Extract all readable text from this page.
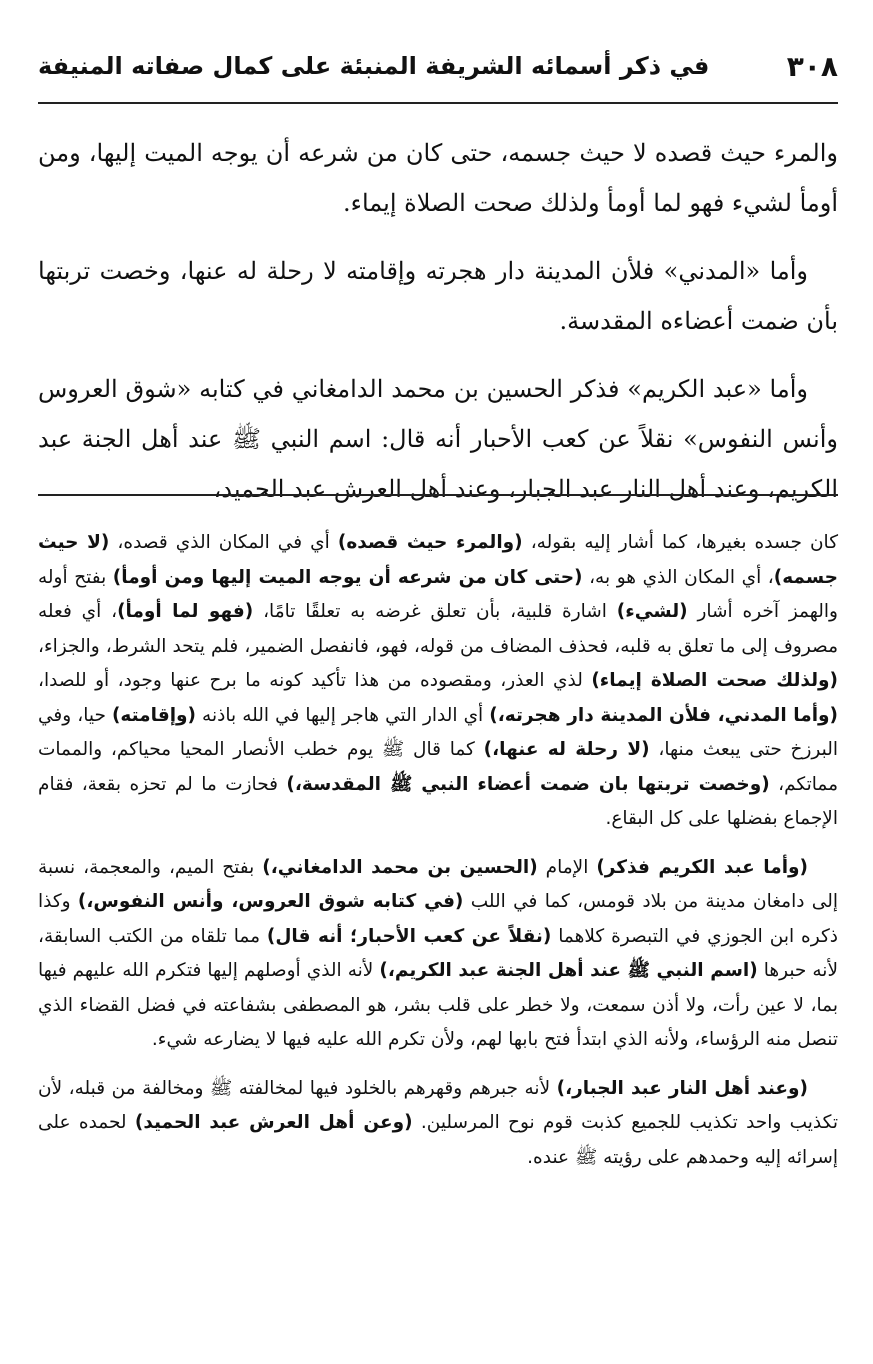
٣٠٨
في ذكر أسمائه الشريفة المنبئة على كمال صفاته المنيفة

والمرء حيث قصده لا حيث جسمه، حتى كان من شرعه أن يوجه الميت إليها، ومن أومأ لشيء فهو لما أومأ ولذلك صحت الصلاة إيماء.

وأما «المدني» فلأن المدينة دار هجرته وإقامته لا رحلة له عنها، وخصت تربتها بأن ضمت أعضاءه المقدسة.

وأما «عبد الكريم» فذكر الحسين بن محمد الدامغاني في كتابه «شوق العروس وأنس النفوس» نقلاً عن كعب الأحبار أنه قال: اسم النبي ﷺ عند أهل الجنة عبد الكريم، وعند أهل النار عبد الجبار، وعند أهل العرش عبد الحميد،

كان جسده بغيرها، كما أشار إليه بقوله، (والمرء حيث قصده) أي في المكان الذي قصده، (لا حيث جسمه)، أي المكان الذي هو به، (حتى كان من شرعه أن يوجه الميت إليها ومن أومأ) بفتح أوله والهمز آخره أشار (لشيء) اشارة قلبية، بأن تعلق غرضه به تعلقًا تامًا، (فهو لما أومأ)، أي فعله مصروف إلى ما تعلق به قلبه، فحذف المضاف من قوله، فهو، فانفصل الضمير، فلم يتحد الشرط، والجزاء، (ولذلك صحت الصلاة إيماء) لذي العذر، ومقصوده من هذا تأكيد كونه ما برح عنها وجود، أو للصدا، (وأما المدني، فلأن المدينة دار هجرته،) أي الدار التي هاجر إليها في الله باذنه (وإقامته) حيا، وفي البرزخ حتى يبعث منها، (لا رحلة له عنها،) كما قال ﷺ يوم خطب الأنصار المحيا محياكم، والممات مماتكم، (وخصت تربتها بان ضمت أعضاء النبي ﷺ المقدسة،) فحازت ما لم تحزه بقعة، فقام الإجماع بفضلها على كل البقاع.

(وأما عبد الكريم فذكر) الإمام (الحسين بن محمد الدامغاني،) بفتح الميم، والمعجمة، نسبة إلى دامغان مدينة من بلاد قومس، كما في اللب (في كتابه شوق العروس، وأنس النفوس،) وكذا ذكره ابن الجوزي في التبصرة كلاهما (نقلاً عن كعب الأحبار؛ أنه قال) مما تلقاه من الكتب السابقة، لأنه حبرها (اسم النبي ﷺ عند أهل الجنة عبد الكريم،) لأنه الذي أوصلهم إليها فتكرم الله عليهم فيها بما، لا عين رأت، ولا أذن سمعت، ولا خطر على قلب بشر، هو المصطفى بشفاعته في فضل القضاء الذي تنصل منه الرؤساء، ولأنه الذي ابتدأ فتح بابها لهم، ولأن تكرم الله عليه فيها لا يضارعه شيء.

(وعند أهل النار عبد الجبار،) لأنه جبرهم وقهرهم بالخلود فيها لمخالفته ﷺ ومخالفة من قبله، لأن تكذيب واحد تكذيب للجميع كذبت قوم نوح المرسلين. (وعن أهل العرش عبد الحميد) لحمده على إسرائه إليه وحمدهم على رؤيته ﷺ عنده.
